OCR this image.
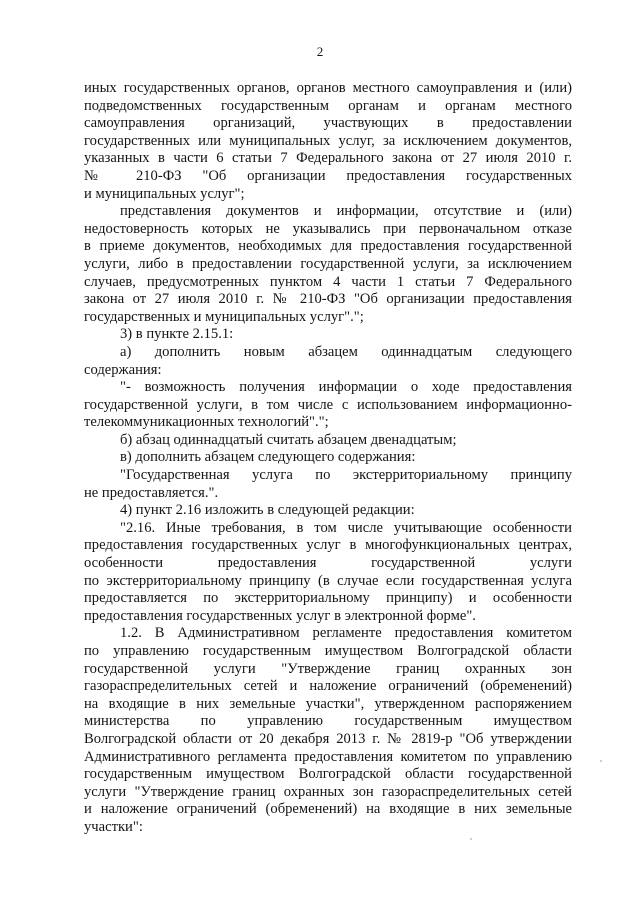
2
иных государственных органов, органов местного самоуправления и (или)
подведомственных государственным органам и органам местного
самоуправления организаций, участвующих в предоставлении
государственных или муниципальных услуг, за исключением документов,
указанных в части 6 статьи 7 Федерального закона от 27 июля 2010 г.
№ 210-ФЗ "Об организации предоставления государственных
и муниципальных услуг";
представления документов и информации, отсутствие и (или)
недостоверность которых не указывались при первоначальном отказе
в приеме документов, необходимых для предоставления государственной
услуги, либо в предоставлении государственной услуги, за исключением
случаев, предусмотренных пунктом 4 части 1 статьи 7 Федерального
закона от 27 июля 2010 г. № 210-ФЗ "Об организации предоставления
государственных и муниципальных услуг".";
3) в пункте 2.15.1:
а) дополнить новым абзацем одиннадцатым следующего
содержания:
"- возможность получения информации о ходе предоставления
государственной услуги, в том числе с использованием информационно-
телекоммуникационных технологий".";
б) абзац одиннадцатый считать абзацем двенадцатым;
в) дополнить абзацем следующего содержания:
"Государственная услуга по экстерриториальному принципу
не предоставляется.".
4) пункт 2.16 изложить в следующей редакции:
"2.16. Иные требования, в том числе учитывающие особенности
предоставления государственных услуг в многофункциональных центрах,
особенности предоставления государственной услуги
по экстерриториальному принципу (в случае если государственная услуга
предоставляется по экстерриториальному принципу) и особенности
предоставления государственных услуг в электронной форме".
1.2. В Административном регламенте предоставления комитетом
по управлению государственным имуществом Волгоградской области
государственной услуги "Утверждение границ охранных зон
газораспределительных сетей и наложение ограничений (обременений)
на входящие в них земельные участки", утвержденном распоряжением
министерства по управлению государственным имуществом
Волгоградской области от 20 декабря 2013 г. № 2819-р "Об утверждении
Административного регламента предоставления комитетом по управлению
государственным имуществом Волгоградской области государственной
услуги "Утверждение границ охранных зон газораспределительных сетей
и наложение ограничений (обременений) на входящие в них земельные
участки":
